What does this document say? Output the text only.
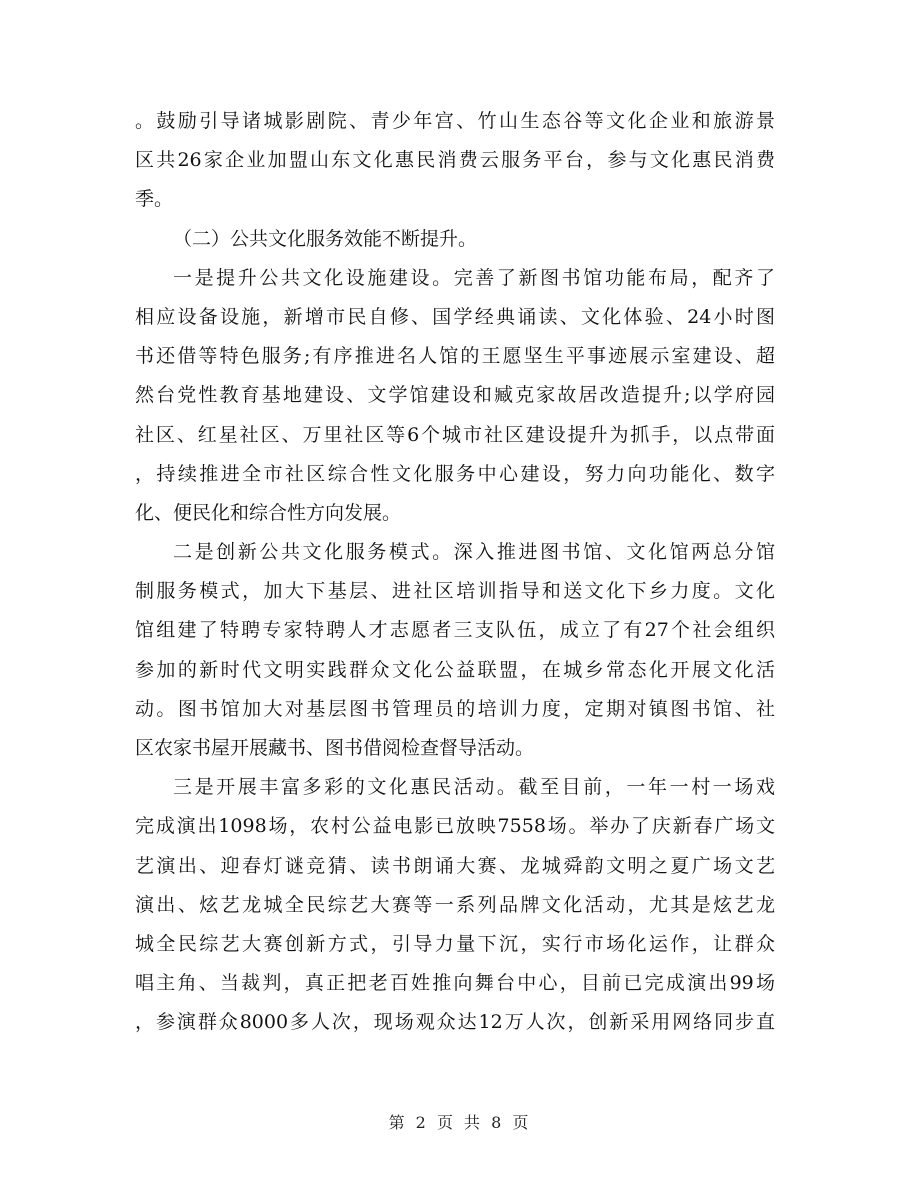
。鼓励引导诸城影剧院、青少年宫、竹山生态谷等文化企业和旅游景
区共26家企业加盟山东文化惠民消费云服务平台，参与文化惠民消费
季。
（二）公共文化服务效能不断提升。
一是提升公共文化设施建设。完善了新图书馆功能布局，配齐了
相应设备设施，新增市民自修、国学经典诵读、文化体验、24小时图
书还借等特色服务;有序推进名人馆的王愿坚生平事迹展示室建设、超
然台党性教育基地建设、文学馆建设和臧克家故居改造提升;以学府园
社区、红星社区、万里社区等6个城市社区建设提升为抓手，以点带面
，持续推进全市社区综合性文化服务中心建设，努力向功能化、数字
化、便民化和综合性方向发展。
二是创新公共文化服务模式。深入推进图书馆、文化馆两总分馆
制服务模式，加大下基层、进社区培训指导和送文化下乡力度。文化
馆组建了特聘专家特聘人才志愿者三支队伍，成立了有27个社会组织
参加的新时代文明实践群众文化公益联盟，在城乡常态化开展文化活
动。图书馆加大对基层图书管理员的培训力度，定期对镇图书馆、社
区农家书屋开展藏书、图书借阅检查督导活动。
三是开展丰富多彩的文化惠民活动。截至目前，一年一村一场戏
完成演出1098场，农村公益电影已放映7558场。举办了庆新春广场文
艺演出、迎春灯谜竞猜、读书朗诵大赛、龙城舜韵文明之夏广场文艺
演出、炫艺龙城全民综艺大赛等一系列品牌文化活动，尤其是炫艺龙
城全民综艺大赛创新方式，引导力量下沉，实行市场化运作，让群众
唱主角、当裁判，真正把老百姓推向舞台中心，目前已完成演出99场
，参演群众8000多人次，现场观众达12万人次，创新采用网络同步直
第 2 页 共 8 页
